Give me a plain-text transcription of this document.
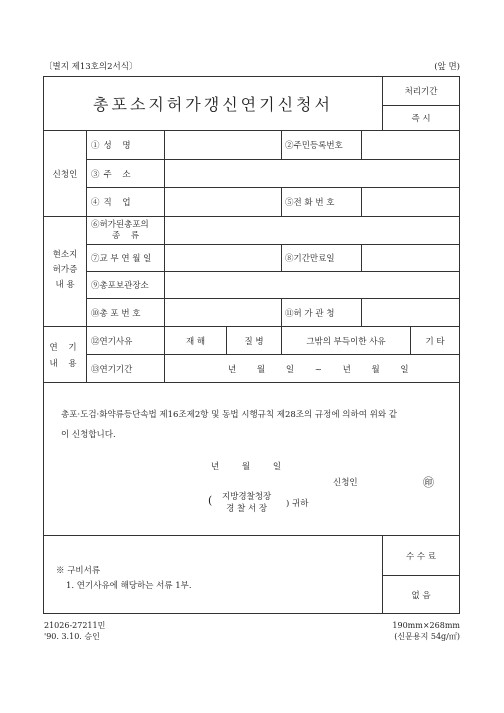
〔별지 제13호의2서식〕	(앞 면)
총포소지허가갱신연기신청서
처리기간
즉 시
신청인
①성 명	②주민등록번호
③주 소
④직 업	⑤전 화 번 호
현소지
허가증
내 용
⑥허가된총포의
종 류
⑦교 부 연 월 일	⑧기간만료일
⑨총포보관장소
⑩총 포 번 호	⑪허 가 관 청
연 기
내 용
⑫연기사유	재 해	질 병	그밖의 부득이한 사유	기 타
⑬연기기간	년 월 일 ~ 년 월 일
총포·도검·화약류등단속법 제16조제2항 및 동법 시행규칙 제28조의 규정에 의하여 위와 같
이 신청합니다.
년 월 일
신청인	㊞
( 지방경찰청장
경 찰 서 장	) 귀하
※ 구비서류
1. 연기사유에 해당하는 서류 1부.
수 수 료
없 음
21026-27211민
'90. 3.10. 승인
190mm×268mm
(신문용지 54g/㎡)
